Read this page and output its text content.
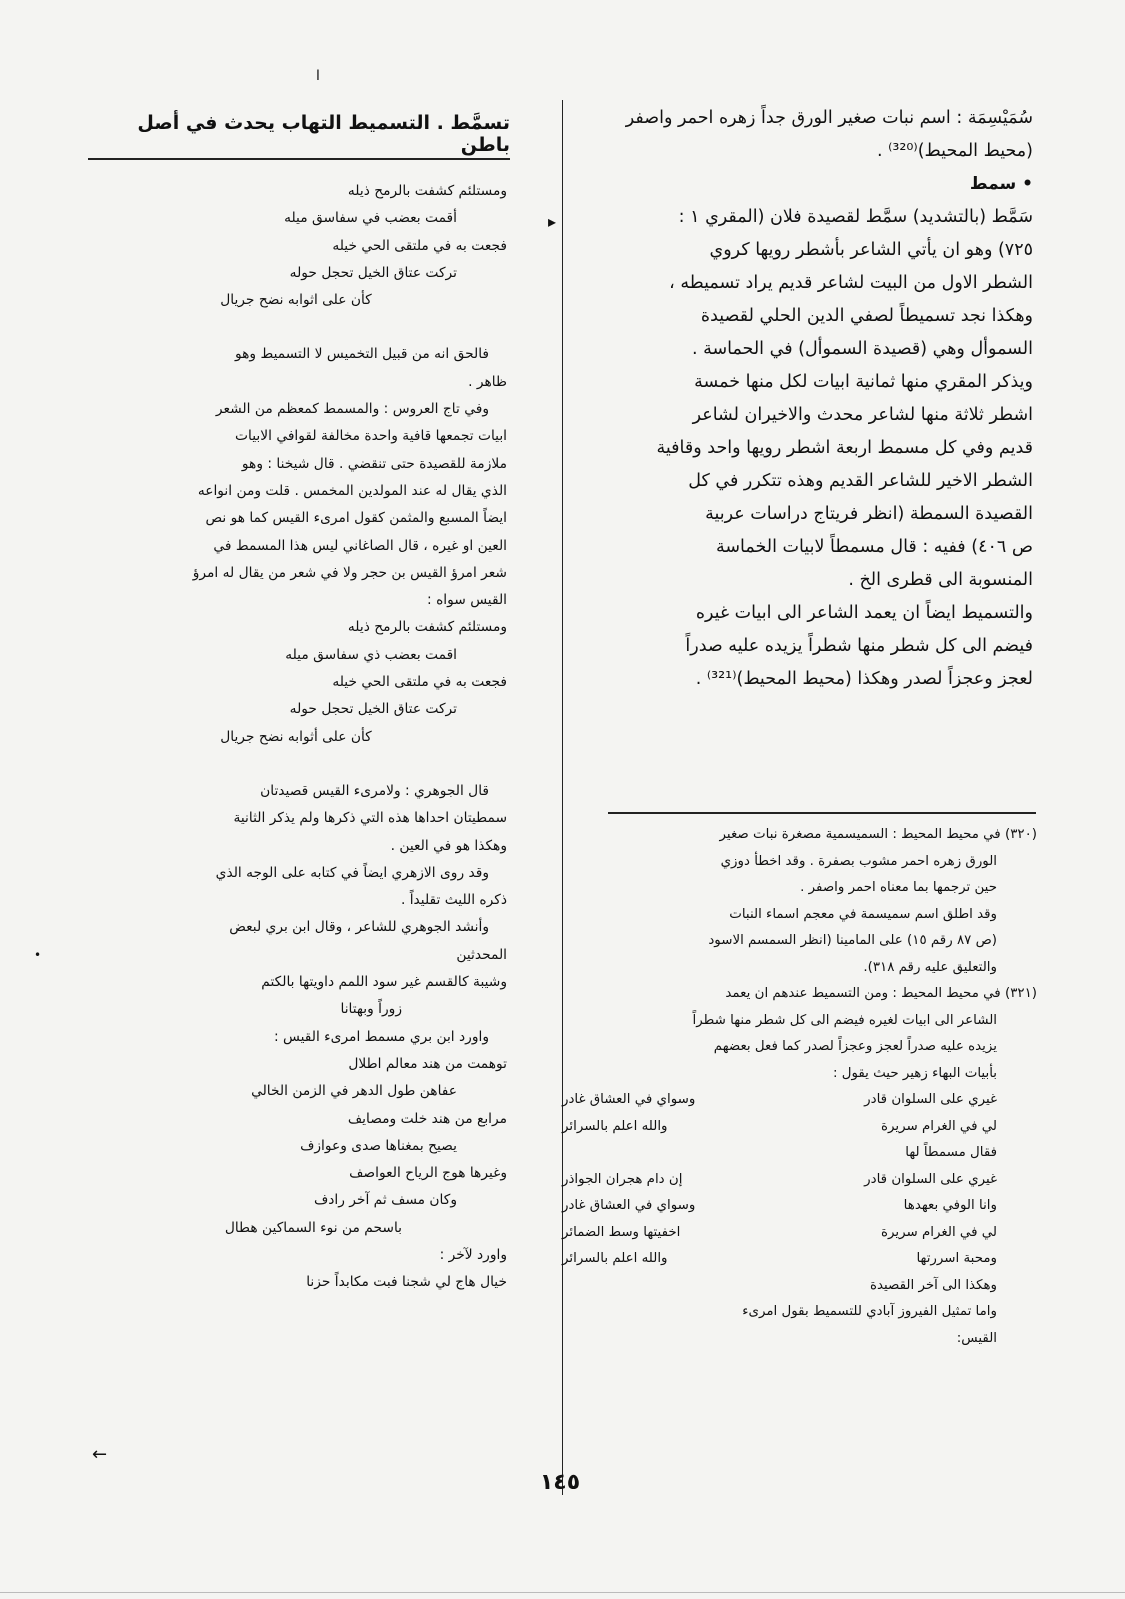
ا

تسمَّط . التسميط التهاب يحدث في أصل باطن

▸

سُمَيْسِمَة : اسم نبات صغير الورق جداً زهره احمر واصفر

(محيط المحيط)⁽³²⁰⁾ .

• سمط

سَمَّط (بالتشديد) سمَّط لقصيدة فلان (المقري ١ :

٧٢٥) وهو ان يأتي الشاعر بأشطر رويها كروي

الشطر الاول من البيت لشاعر قديم يراد تسميطه ،

وهكذا نجد تسميطاً لصفي الدين الحلي لقصيدة

السموأل وهي (قصيدة السموأل) في الحماسة .

ويذكر المقري منها ثمانية ابيات لكل منها خمسة

اشطر ثلاثة منها لشاعر محدث والاخيران لشاعر

قديم وفي كل مسمط اربعة اشطر رويها واحد وقافية

الشطر الاخير للشاعر القديم وهذه تتكرر في كل

القصيدة السمطة (انظر فريتاج دراسات عربية

ص ٤٠٦) ففيه : قال مسمطاً لابيات الخماسة

المنسوبة الى قطرى الخ .

والتسميط ايضاً ان يعمد الشاعر الى ابيات غيره

فيضم الى كل شطر منها شطراً يزيده عليه صدراً

لعجز وعجزاً لصدر وهكذا (محيط المحيط)⁽³²¹⁾ .

(٣٢٠) في محيط المحيط : السميسمية مصغرة نبات صغير

الورق زهره احمر مشوب بصفرة . وقد اخطأ دوزي

حين ترجمها بما معناه احمر واصفر .

وقد اطلق اسم سميسمة في معجم اسماء النبات

(ص ٨٧ رقم ١٥) على المامينا (انظر السمسم الاسود

والتعليق عليه رقم ٣١٨).

(٣٢١) في محيط المحيط : ومن التسميط عندهم ان يعمد

الشاعر الى ابيات لغيره فيضم الى كل شطر منها شطراً

يزيده عليه صدراً لعجز وعجزاً لصدر كما فعل بعضهم

بأبيات البهاء زهير حيث يقول :

غيري على السلوان قادر
وسواي في العشاق غادر
لي في الغرام سريرة
والله اعلم بالسرائر

فقال مسمطاً لها

غيري على السلوان قادر
إن دام هجران الجواذر
وانا الوفي بعهدها
وسواي في العشاق غادر
لي في الغرام سريرة
اخفيتها وسط الضمائر
ومحبة اسررتها
والله اعلم بالسرائر

وهكذا الى آخر القصيدة

واما تمثيل الفيروز آبادي للتسميط بقول امرىء

القيس:

ومستلئم كشفت بالرمح ذيله

أقمت بعضب في سفاسق ميله

فجعت به في ملتقى الحي خيله

تركت عتاق الخيل تحجل حوله

كأن على اثوابه نضح جريال

فالحق انه من قبيل التخميس لا التسميط وهو

ظاهر .

وفي تاج العروس : والمسمط كمعظم من الشعر

ابيات تجمعها قافية واحدة مخالفة لقوافي الابيات

ملازمة للقصيدة حتى تنقضي . قال شيخنا : وهو

الذي يقال له عند المولدين المخمس . قلت ومن انواعه

ايضاً المسبع والمثمن كقول امرىء القيس كما هو نص

العين او غيره ، قال الصاغاني ليس هذا المسمط في

شعر امرؤ القيس بن حجر ولا في شعر من يقال له امرؤ

القيس سواه :

ومستلئم كشفت بالرمح ذيله

اقمت بعضب ذي سفاسق ميله

فجعت به في ملتقى الحي خيله

تركت عتاق الخيل تحجل حوله

كأن على أثوابه نضح جريال

قال الجوهري : ولامرىء القيس قصيدتان

سمطيتان احداها هذه التي ذكرها ولم يذكر الثانية

وهكذا هو في العين .

وقد روى الازهري ايضاً في كتابه على الوجه الذي

ذكره الليث تقليداً .

وأنشد الجوهري للشاعر ، وقال ابن بري لبعض

المحدثين

وشيبة كالقسم غير سود اللمم داويتها بالكتم

زوراً وبهتانا

واورد ابن بري مسمط امرىء القيس :

توهمت من هند معالم اطلال

عفاهن طول الدهر في الزمن الخالي

مرابع من هند خلت ومصايف

يصيح بمغناها صدى وعوازف

وغيرها هوج الرياح العواصف

وكان مسف ثم آخر رادف

باسحم من نوء السماكين هطال

واورد لآخر :

خيال هاج لي شجنا فبت مكابداً حزنا

←
•
١٤٥
